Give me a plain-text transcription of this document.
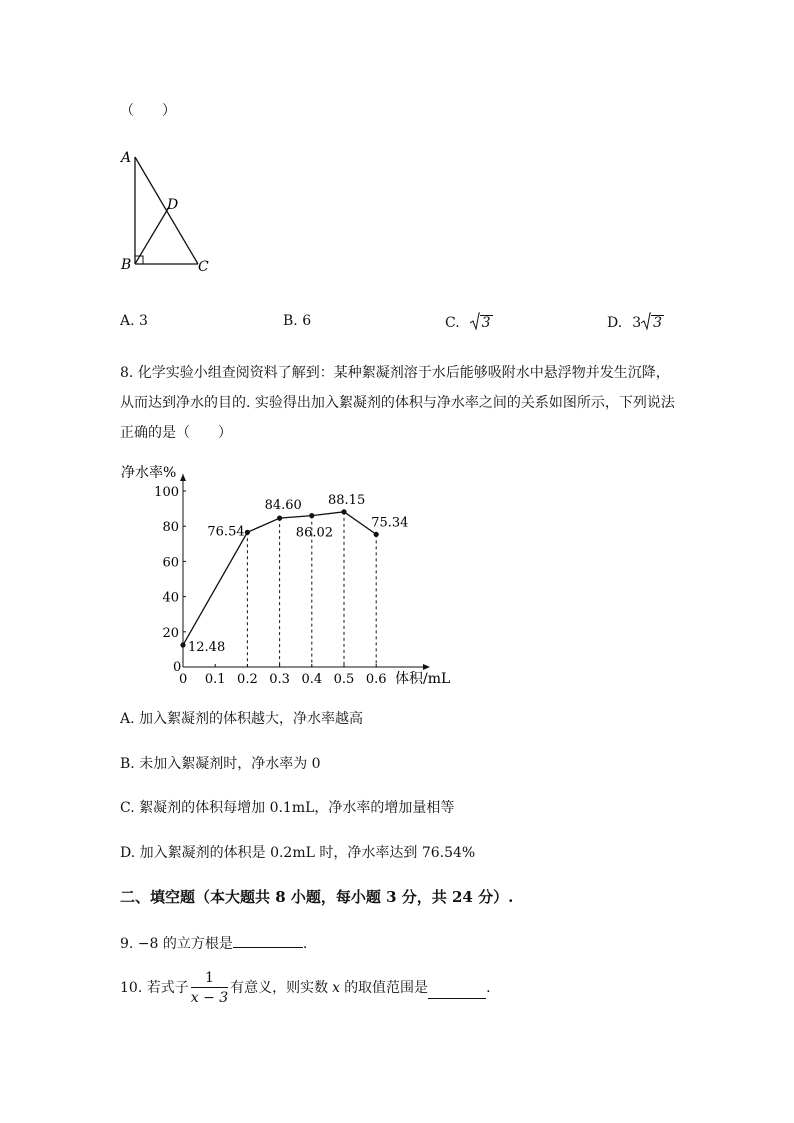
（　　）
A
D
B	C
A. 3	B. 6	C. 3	D. 3 3
8. 化学实验小组查阅资料了解到：某种絮凝剂溶于水后能够吸附水中悬浮物并发生沉降，
从而达到净水的目的. 实验得出加入絮凝剂的体积与净水率之间的关系如图所示，下列说法
正确的是（　　）
净水率%
体积/mL
0
0
20
40
60
80
100
0.1 0.2 0.3 0.4 0.5 0.6
12.48
76.54
84.60
86.02
88.15
75.34
A. 加入絮凝剂的体积越大，净水率越高
B. 未加入絮凝剂时，净水率为 0
C. 絮凝剂的体积每增加 0.1mL，净水率的增加量相等
D. 加入絮凝剂的体积是 0.2mL 时，净水率达到 76.54%
二、填空题（本大题共 8 小题，每小题 3 分，共 24 分）.
9. −8 的立方根是	.
10. 若式子 $\frac{1}{x - 3}$ 有意义，则实数 x 的取值范围是	.
